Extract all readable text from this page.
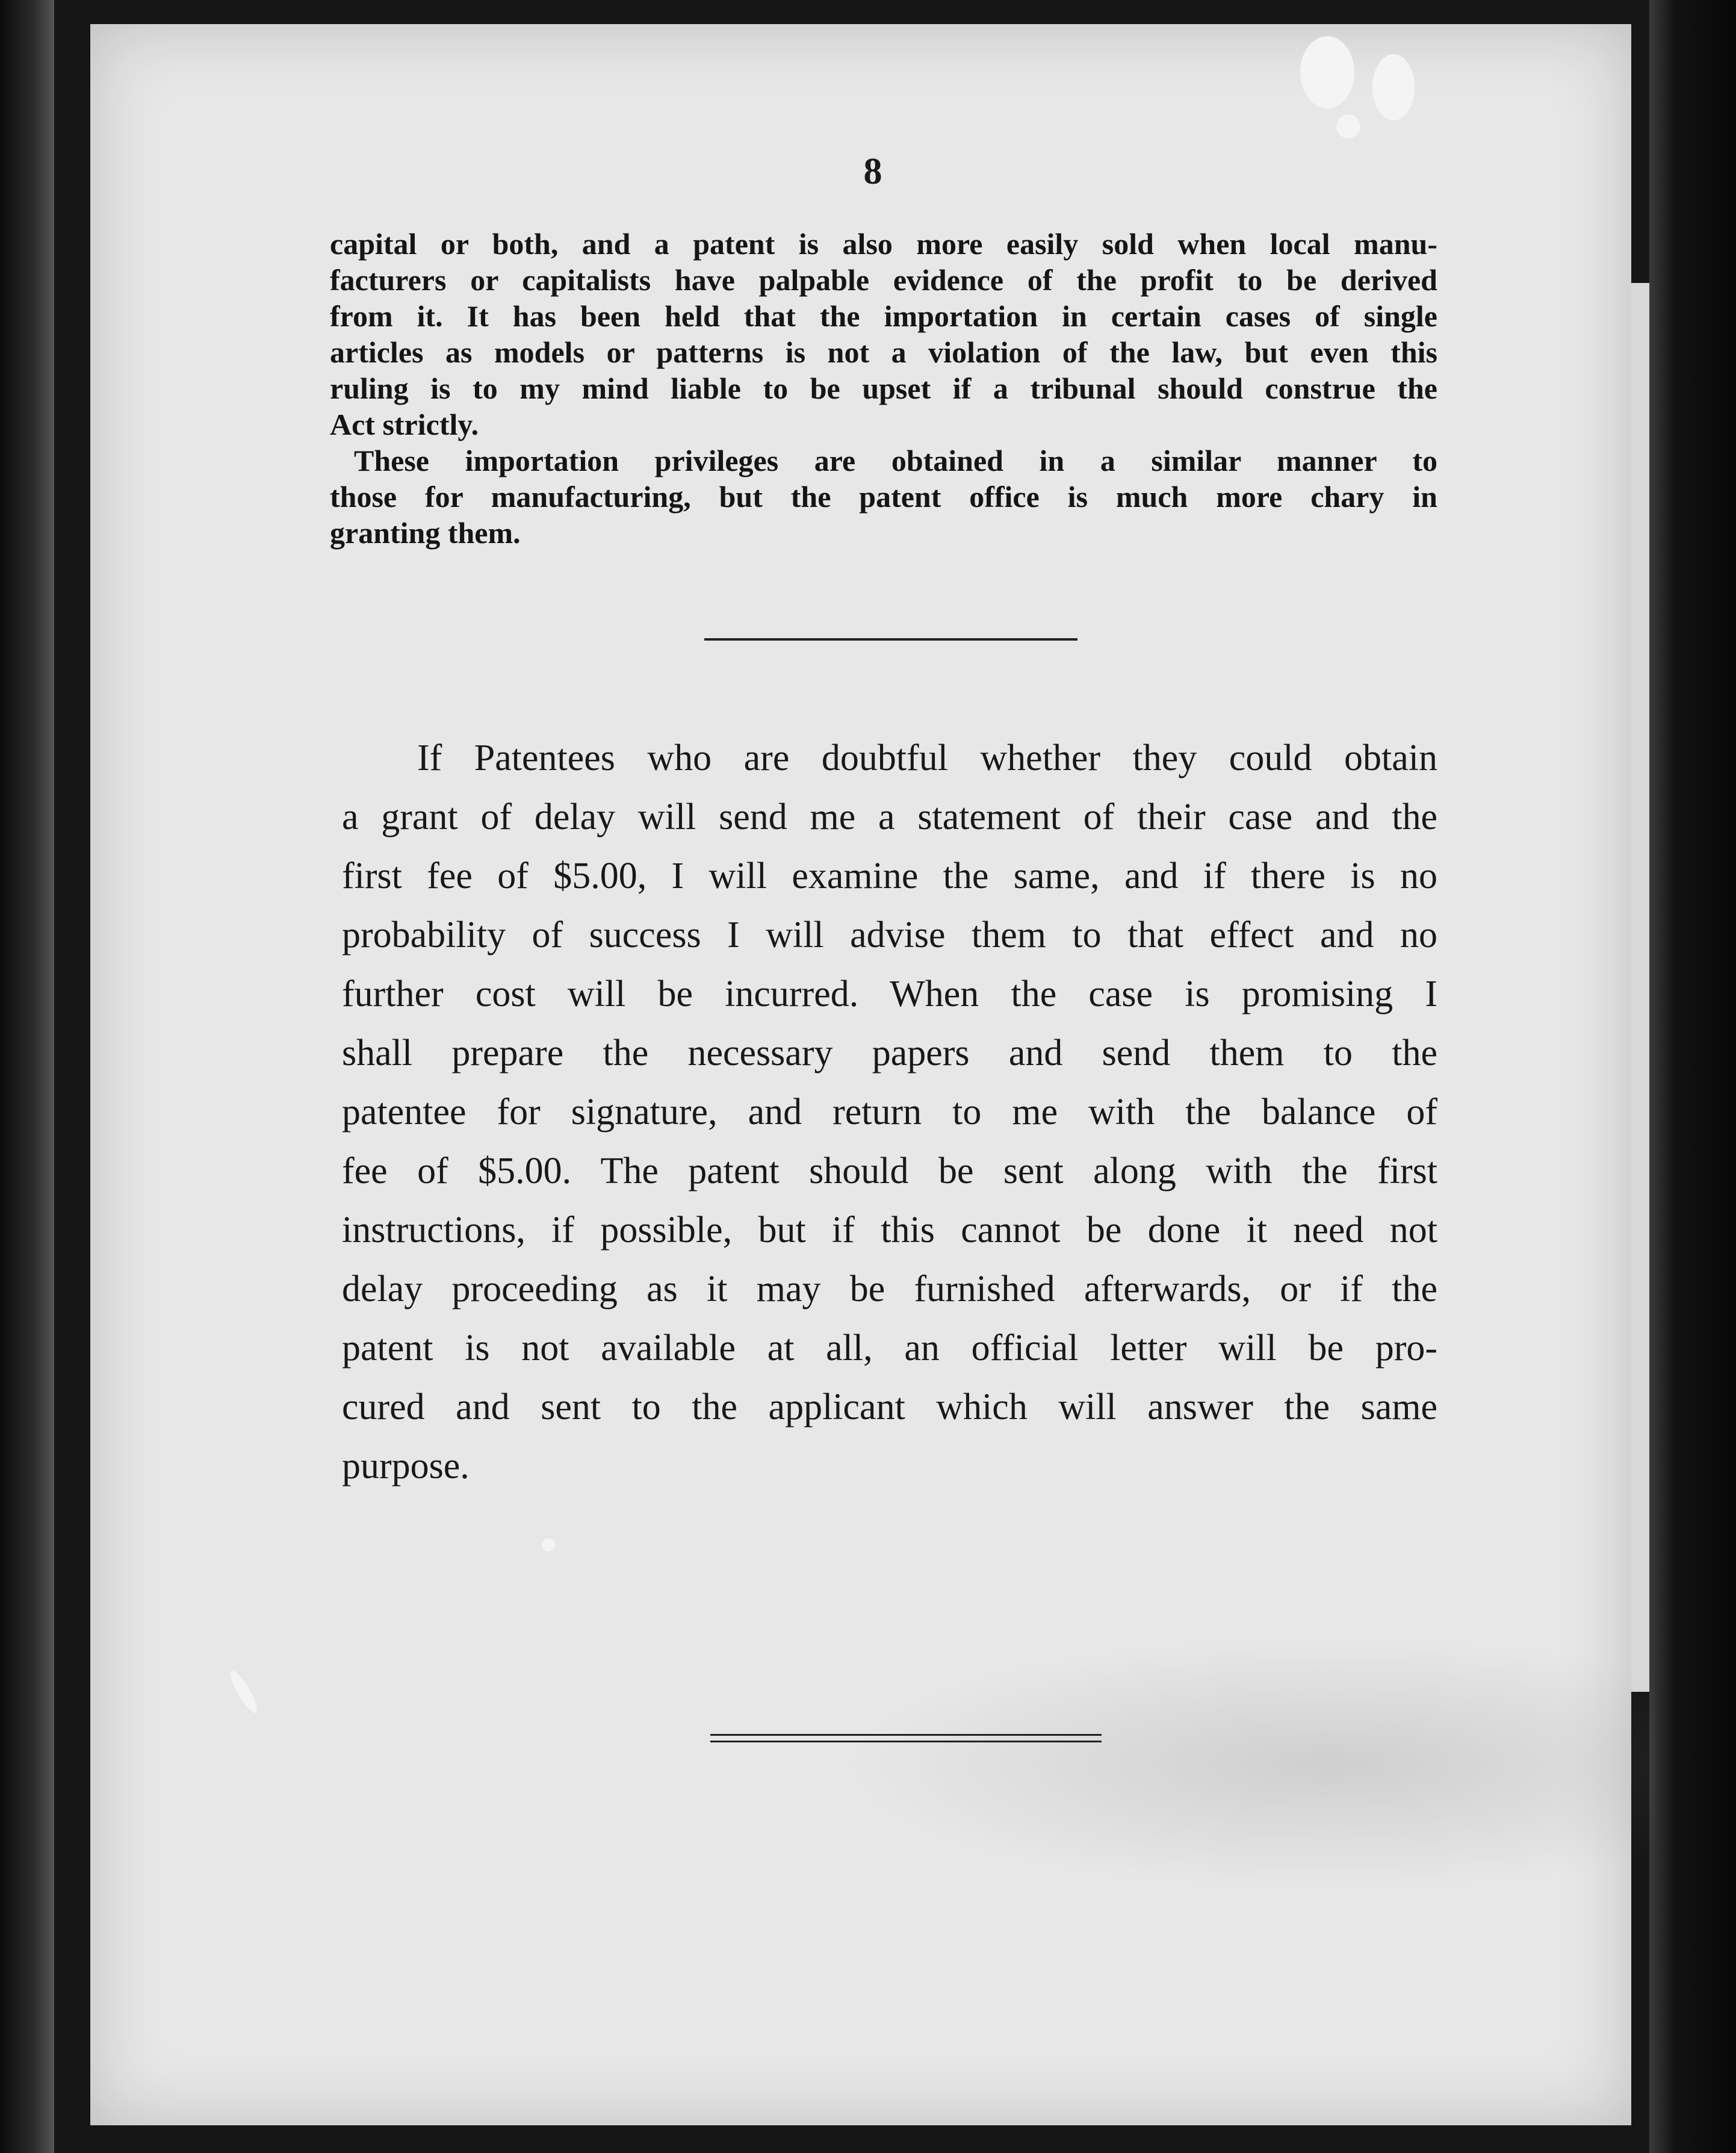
8
capital or both, and a patent is also more easily sold when local manu-
facturers or capitalists have palpable evidence of the profit to be derived
from it. It has been held that the importation in certain cases of single
articles as models or patterns is not a violation of the law, but even this
ruling is to my mind liable to be upset if a tribunal should construe the
Act strictly.
These importation privileges are obtained in a similar manner to
those for manufacturing, but the patent office is much more chary in
granting them.
If Patentees who are doubtful whether they could obtain
a grant of delay will send me a statement of their case and the
first fee of $5.00, I will examine the same, and if there is no
probability of success I will advise them to that effect and no
further cost will be incurred. When the case is promising I
shall prepare the necessary papers and send them to the
patentee for signature, and return to me with the balance of
fee of $5.00. The patent should be sent along with the first
instructions, if possible, but if this cannot be done it need not
delay proceeding as it may be furnished afterwards, or if the
patent is not available at all, an official letter will be pro-
cured and sent to the applicant which will answer the same
purpose.
